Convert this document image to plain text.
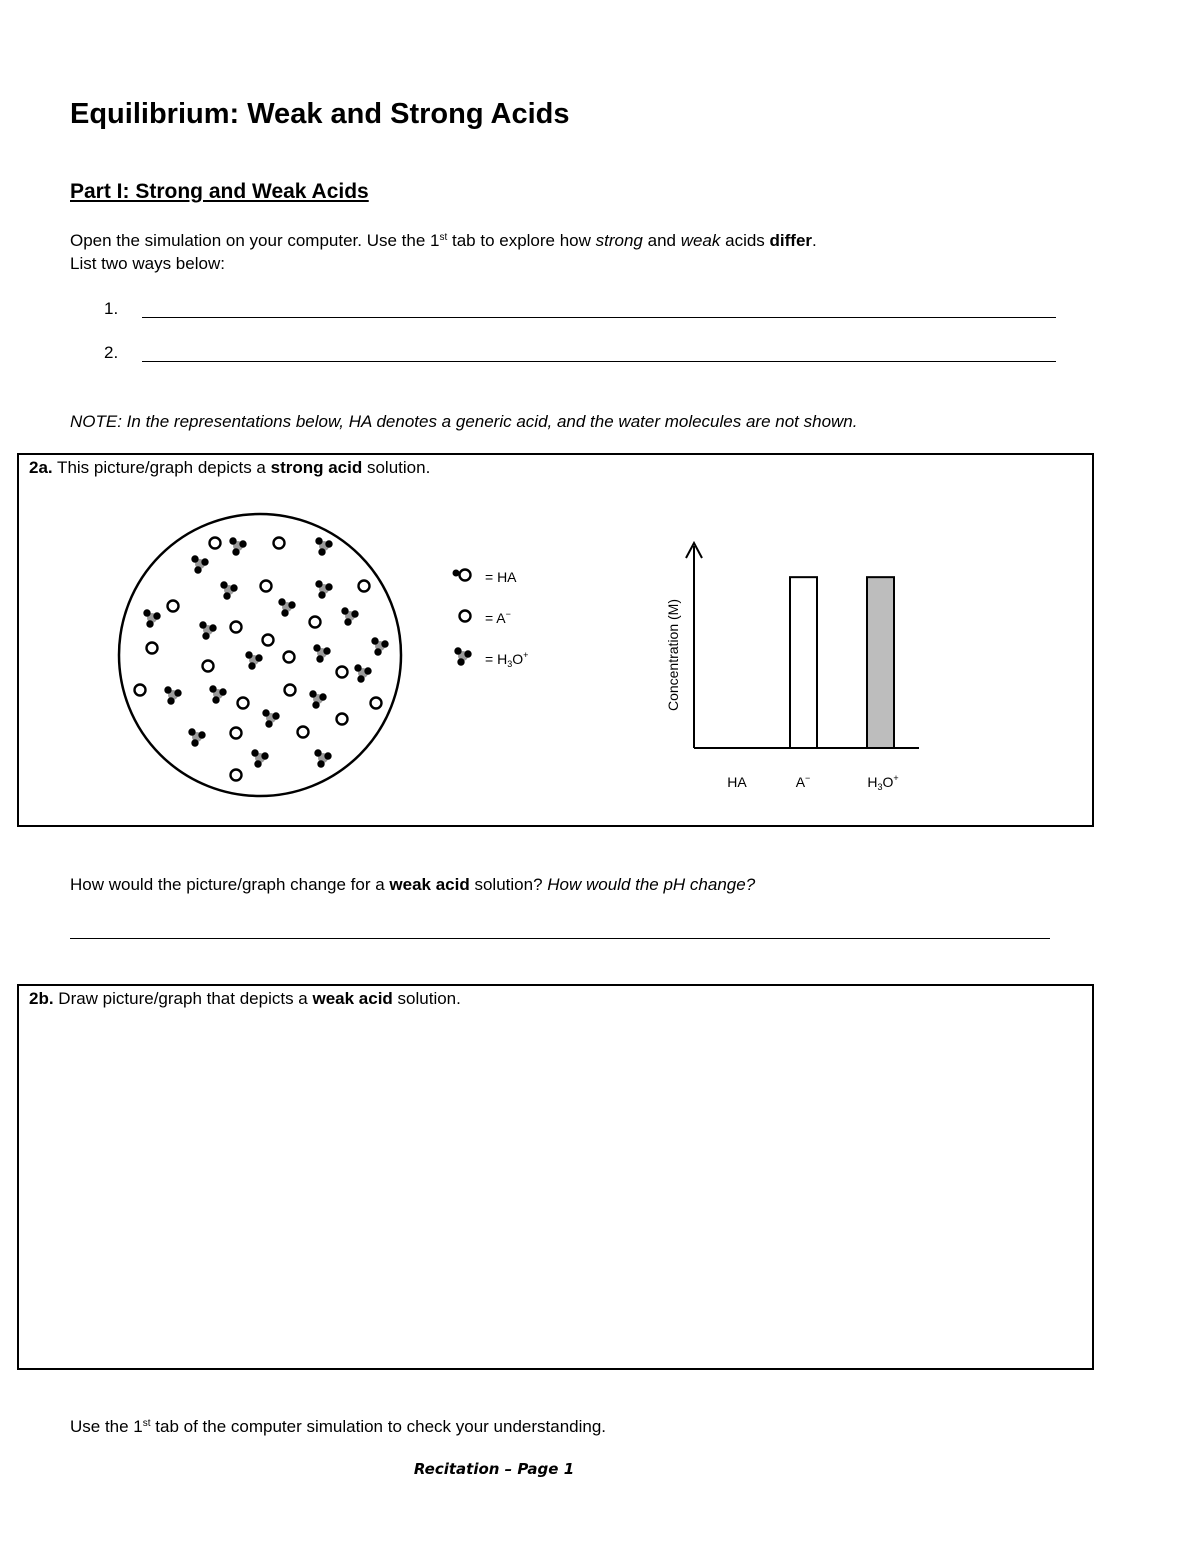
Equilibrium: Weak and Strong Acids
Part I: Strong and Weak Acids
Open the simulation on your computer. Use the 1st tab to explore how strong and weak acids differ.
List two ways below:
1.
2.
NOTE: In the representations below, HA denotes a generic acid, and the water molecules are not shown.
2a. This picture/graph depicts a strong acid solution.
= HA
= A−
= $H_3O^+$	Concentration (M)
HA	A−	$H_3O^+$
How would the picture/graph change for a weak acid solution? How would the pH change?
2b. Draw picture/graph that depicts a weak acid solution.
Use the 1st tab of the computer simulation to check your understanding.
Recitation – Page 1
